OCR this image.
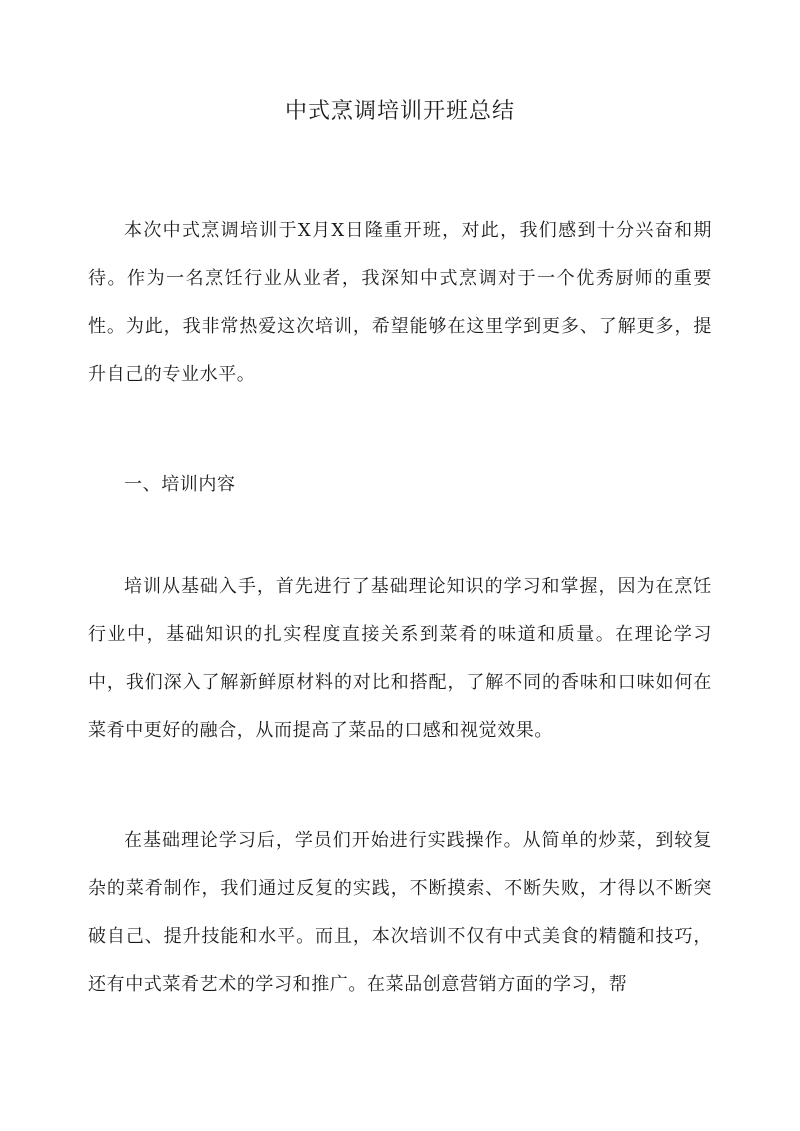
中式烹调培训开班总结

本次中式烹调培训于X月X日隆重开班，对此，我们感到十分兴奋和期待。作为一名烹饪行业从业者，我深知中式烹调对于一个优秀厨师的重要性。为此，我非常热爱这次培训，希望能够在这里学到更多、了解更多，提升自己的专业水平。

一、培训内容

培训从基础入手，首先进行了基础理论知识的学习和掌握，因为在烹饪行业中，基础知识的扎实程度直接关系到菜肴的味道和质量。在理论学习中，我们深入了解新鲜原材料的对比和搭配，了解不同的香味和口味如何在菜肴中更好的融合，从而提高了菜品的口感和视觉效果。

在基础理论学习后，学员们开始进行实践操作。从简单的炒菜，到较复杂的菜肴制作，我们通过反复的实践，不断摸索、不断失败，才得以不断突破自己、提升技能和水平。而且，本次培训不仅有中式美食的精髓和技巧，还有中式菜肴艺术的学习和推广。在菜品创意营销方面的学习，帮
